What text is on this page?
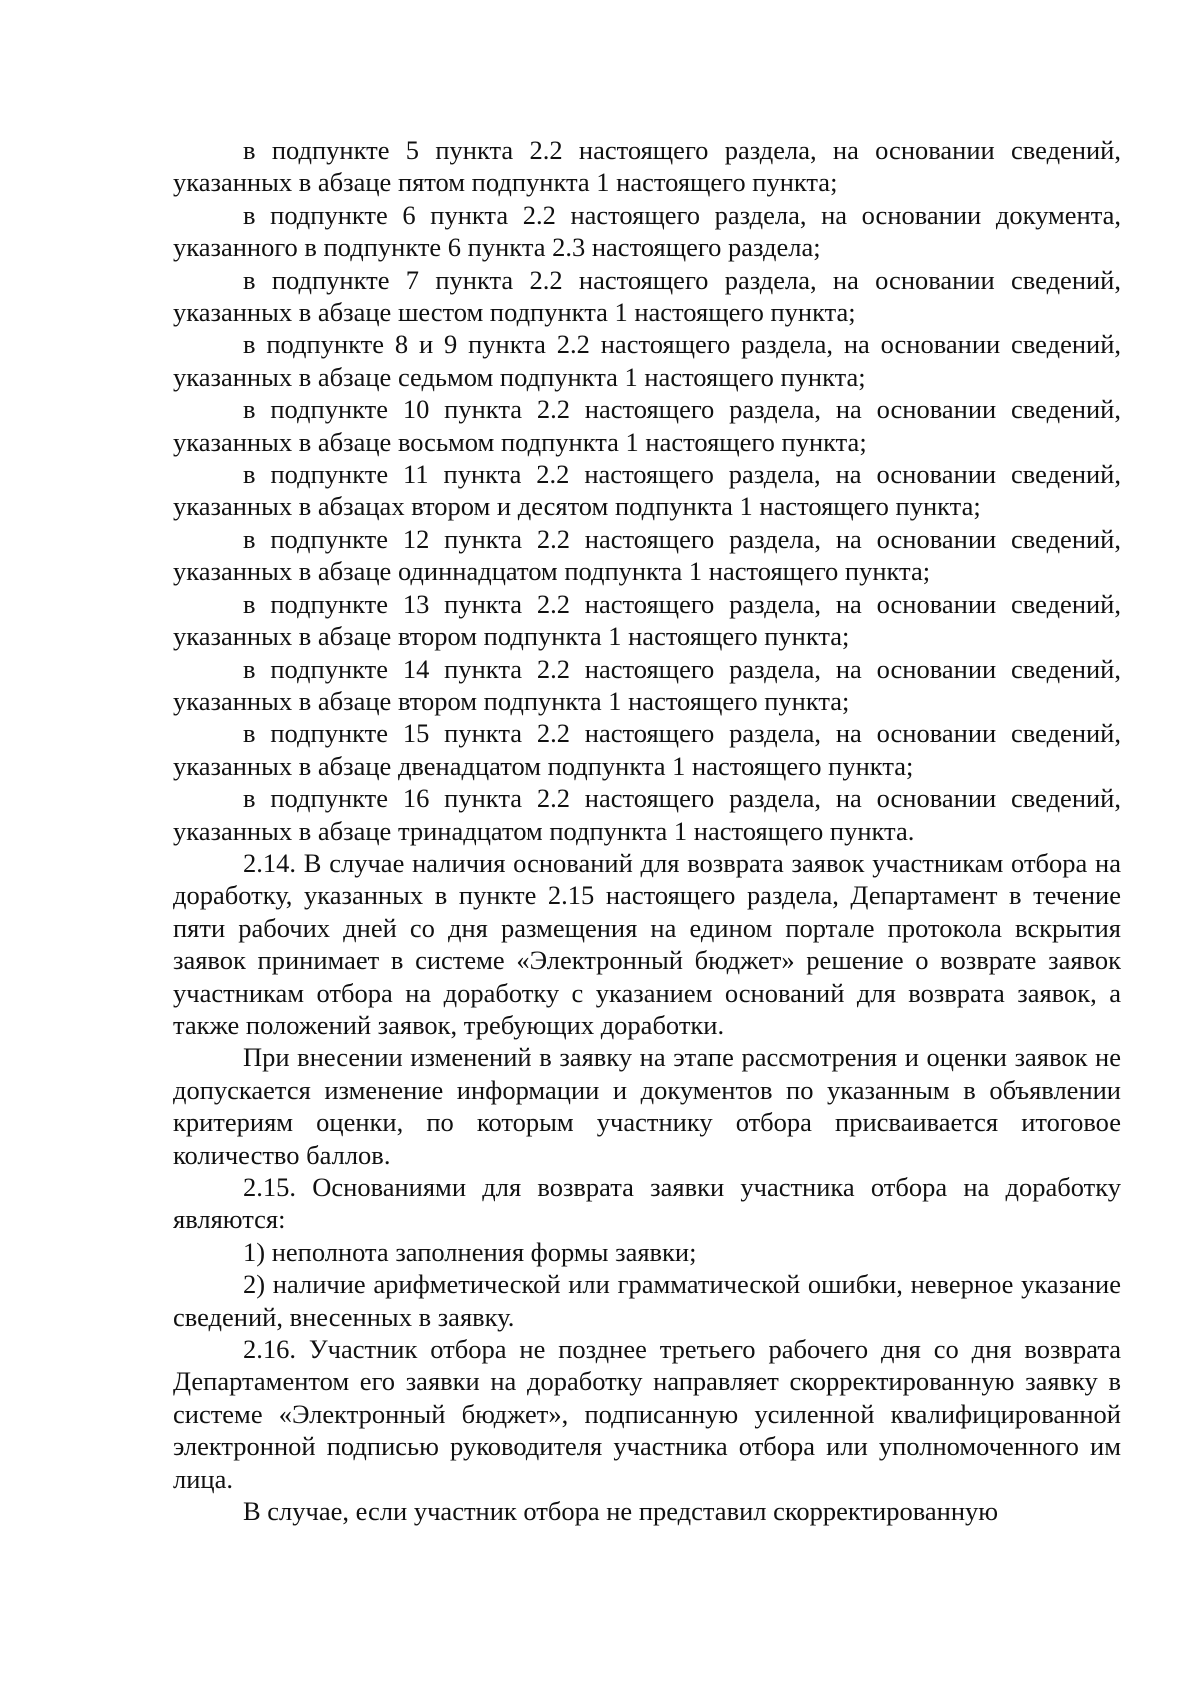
в подпункте 5 пункта 2.2 настоящего раздела, на основании сведений, указанных в абзаце пятом подпункта 1 настоящего пункта;

в подпункте 6 пункта 2.2 настоящего раздела, на основании документа, указанного в подпункте 6 пункта 2.3 настоящего раздела;

в подпункте 7 пункта 2.2 настоящего раздела, на основании сведений, указанных в абзаце шестом подпункта 1 настоящего пункта;

в подпункте 8 и 9 пункта 2.2 настоящего раздела, на основании сведений, указанных в абзаце седьмом подпункта 1 настоящего пункта;

в подпункте 10 пункта 2.2 настоящего раздела, на основании сведений, указанных в абзаце восьмом подпункта 1 настоящего пункта;

в подпункте 11 пункта 2.2 настоящего раздела, на основании сведений, указанных в абзацах втором и десятом подпункта 1 настоящего пункта;

в подпункте 12 пункта 2.2 настоящего раздела, на основании сведений, указанных в абзаце одиннадцатом подпункта 1 настоящего пункта;

в подпункте 13 пункта 2.2 настоящего раздела, на основании сведений, указанных в абзаце втором подпункта 1 настоящего пункта;

в подпункте 14 пункта 2.2 настоящего раздела, на основании сведений, указанных в абзаце втором подпункта 1 настоящего пункта;

в подпункте 15 пункта 2.2 настоящего раздела, на основании сведений, указанных в абзаце двенадцатом подпункта 1 настоящего пункта;

в подпункте 16 пункта 2.2 настоящего раздела, на основании сведений, указанных в абзаце тринадцатом подпункта 1 настоящего пункта.

2.14. В случае наличия оснований для возврата заявок участникам отбора на доработку, указанных в пункте 2.15 настоящего раздела, Департамент в течение пяти рабочих дней со дня размещения на едином портале протокола вскрытия заявок принимает в системе «Электронный бюджет» решение о возврате заявок участникам отбора на доработку с указанием оснований для возврата заявок, а также положений заявок, требующих доработки.

При внесении изменений в заявку на этапе рассмотрения и оценки заявок не допускается изменение информации и документов по указанным в объявлении критериям оценки, по которым участнику отбора присваивается итоговое количество баллов.

2.15. Основаниями для возврата заявки участника отбора на доработку являются:

1) неполнота заполнения формы заявки;

2) наличие арифметической или грамматической ошибки, неверное указание сведений, внесенных в заявку.

2.16. Участник отбора не позднее третьего рабочего дня со дня возврата Департаментом его заявки на доработку направляет скорректированную заявку в системе «Электронный бюджет», подписанную усиленной квалифицированной электронной подписью руководителя участника отбора или уполномоченного им лица.

В случае, если участник отбора не представил скорректированную
